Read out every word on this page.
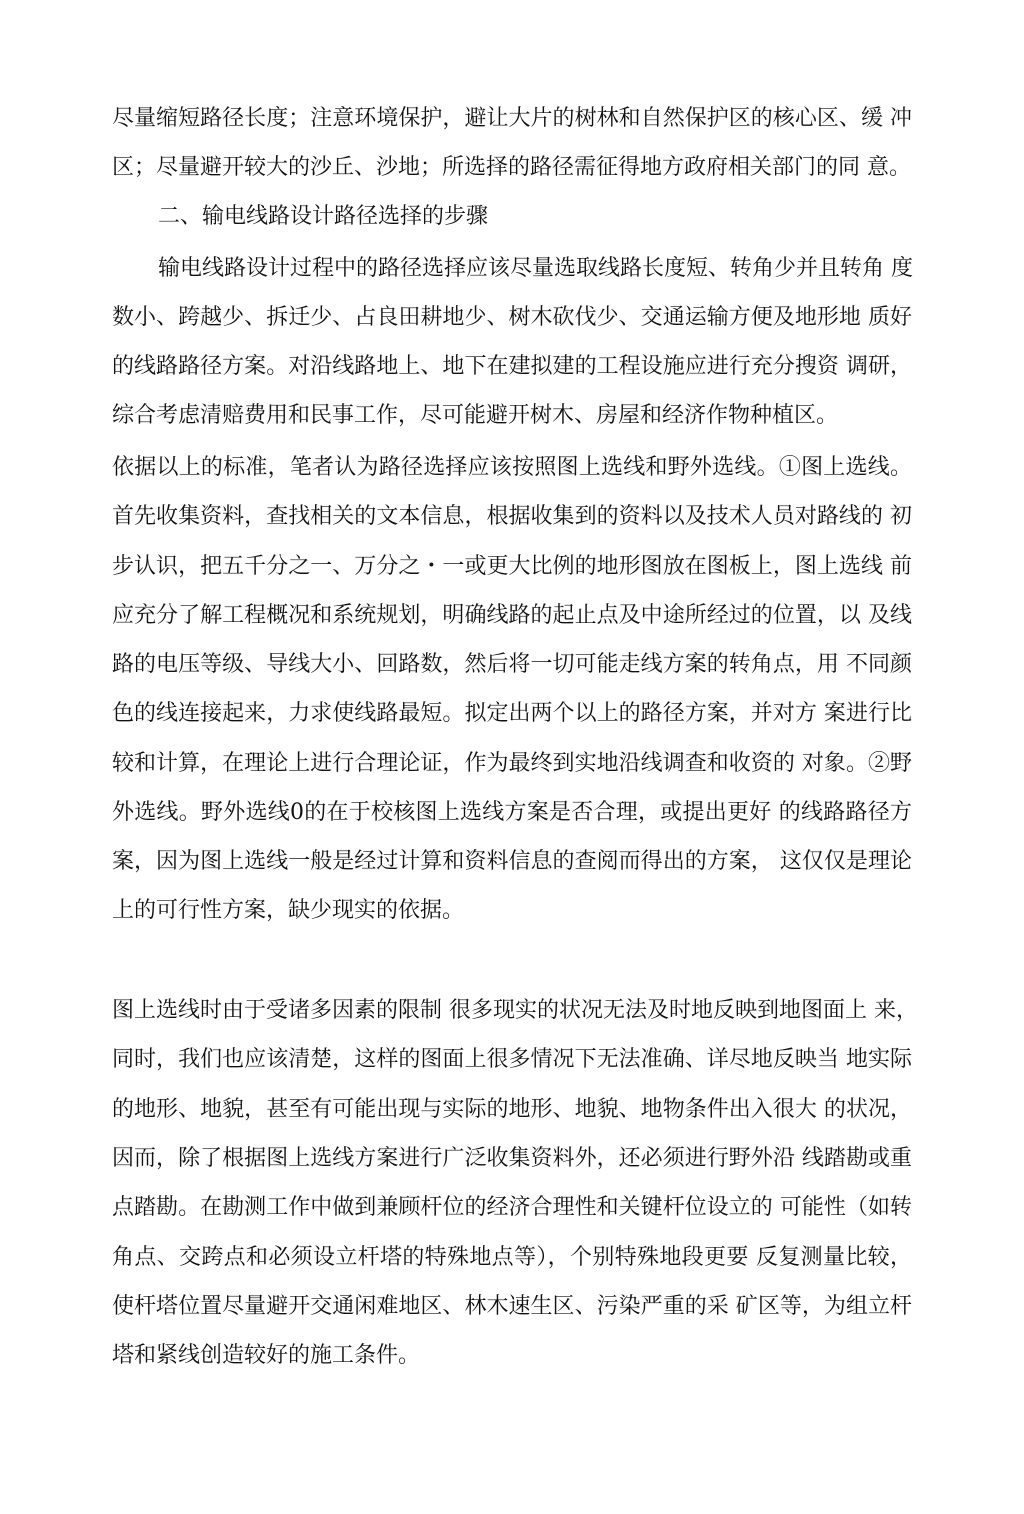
尽量缩短路径长度；注意环境保护，避让大片的树林和自然保护区的核心区、缓 冲
区；尽量避开较大的沙丘、沙地；所选择的路径需征得地方政府相关部门的同 意。
二、输电线路设计路径选择的步骤
输电线路设计过程中的路径选择应该尽量选取线路长度短、转角少并且转角 度
数小、跨越少、拆迁少、占良田耕地少、树木砍伐少、交通运输方便及地形地 质好
的线路路径方案。对沿线路地上、地下在建拟建的工程设施应进行充分搜资 调研，
综合考虑清赔费用和民事工作，尽可能避开树木、房屋和经济作物种植区。
依据以上的标准，笔者认为路径选择应该按照图上选线和野外选线。①图上选线。
首先收集资料，查找相关的文本信息，根据收集到的资料以及技术人员对路线的 初
步认识，把五千分之一、万分之・一或更大比例的地形图放在图板上，图上选线 前
应充分了解工程概况和系统规划，明确线路的起止点及中途所经过的位置，以 及线
路的电压等级、导线大小、回路数，然后将一切可能走线方案的转角点，用 不同颜
色的线连接起来，力求使线路最短。拟定出两个以上的路径方案，并对方 案进行比
较和计算，在理论上进行合理论证，作为最终到实地沿线调查和收资的 对象。②野
外选线。野外选线0的在于校核图上选线方案是否合理，或提出更好 的线路路径方
案，因为图上选线一般是经过计算和资料信息的查阅而得出的方案， 这仅仅是理论
上的可行性方案，缺少现实的依据。
图上选线时由于受诸多因素的限制 很多现实的状况无法及时地反映到地图面上 来，
同时，我们也应该清楚，这样的图面上很多情况下无法准确、详尽地反映当 地实际
的地形、地貌，甚至有可能出现与实际的地形、地貌、地物条件出入很大 的状况，
因而，除了根据图上选线方案进行广泛收集资料外，还必须进行野外沿 线踏勘或重
点踏勘。在勘测工作中做到兼顾杆位的经济合理性和关键杆位设立的 可能性（如转
角点、交跨点和必须设立杆塔的特殊地点等），个别特殊地段更要 反复测量比较，
使杆塔位置尽量避开交通闲难地区、林木速生区、污染严重的采 矿区等，为组立杆
塔和紧线创造较好的施工条件。
